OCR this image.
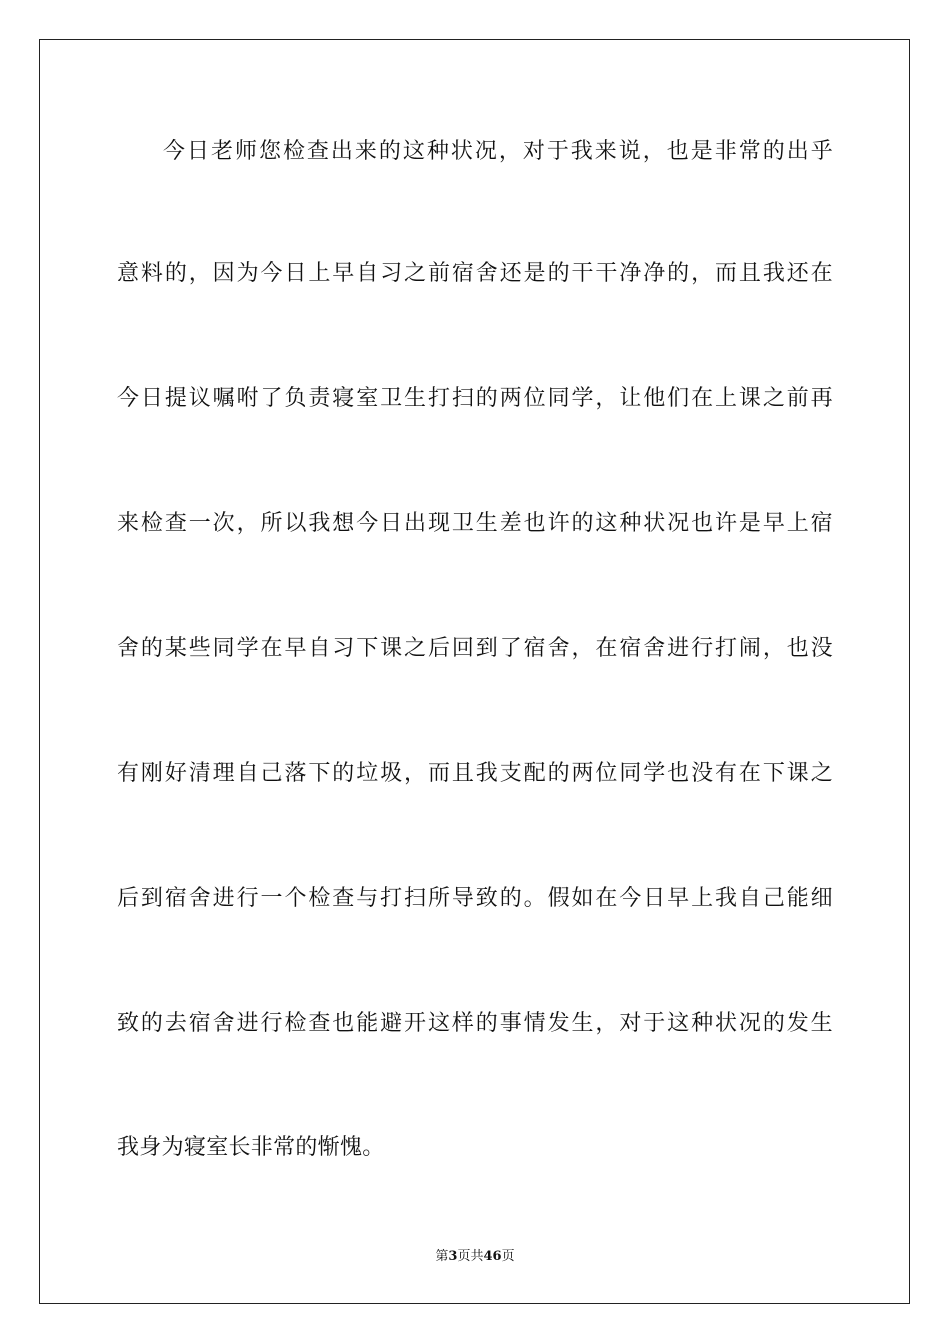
今日老师您检查出来的这种状况，对于我来说，也是非常的出乎
意料的，因为今日上早自习之前宿舍还是的干干净净的，而且我还在
今日提议嘱咐了负责寝室卫生打扫的两位同学，让他们在上课之前再
来检查一次，所以我想今日出现卫生差也许的这种状况也许是早上宿
舍的某些同学在早自习下课之后回到了宿舍，在宿舍进行打闹，也没
有刚好清理自己落下的垃圾，而且我支配的两位同学也没有在下课之
后到宿舍进行一个检查与打扫所导致的。假如在今日早上我自己能细
致的去宿舍进行检查也能避开这样的事情发生，对于这种状况的发生
我身为寝室长非常的惭愧。
第3页共46页
